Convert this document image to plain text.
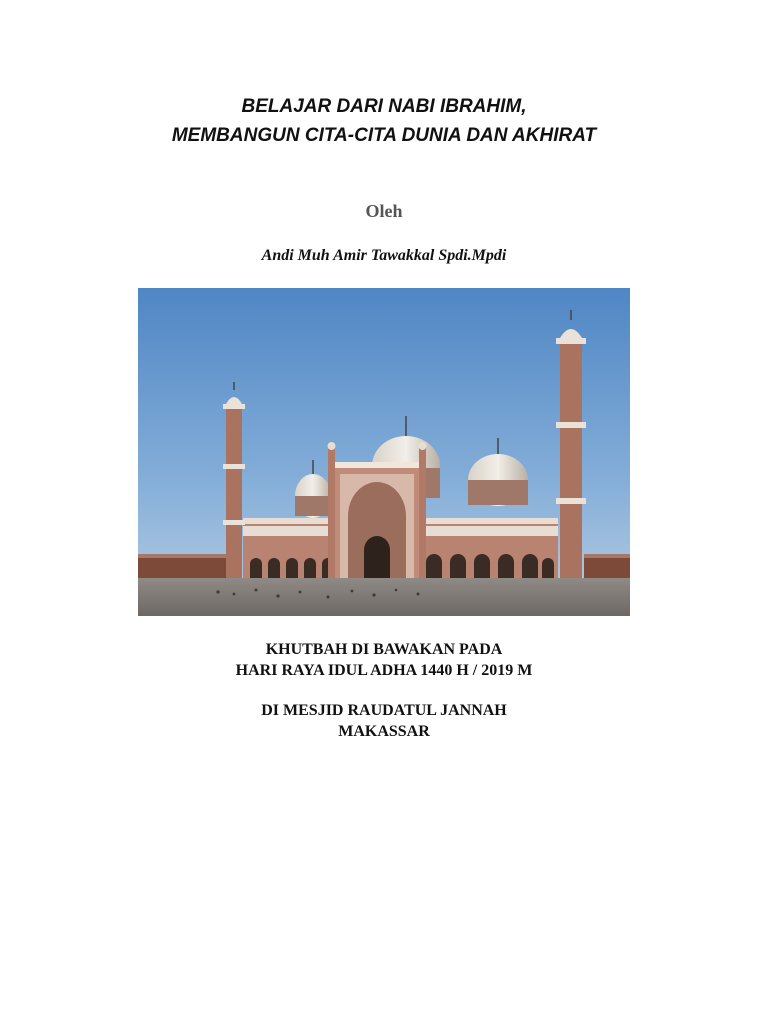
BELAJAR DARI NABI IBRAHIM,
MEMBANGUN CITA-CITA DUNIA DAN AKHIRAT
Oleh
Andi Muh Amir Tawakkal Spdi.Mpdi
KHUTBAH DI BAWAKAN PADA
HARI RAYA IDUL ADHA 1440 H / 2019 M
DI MESJID RAUDATUL JANNAH
MAKASSAR
